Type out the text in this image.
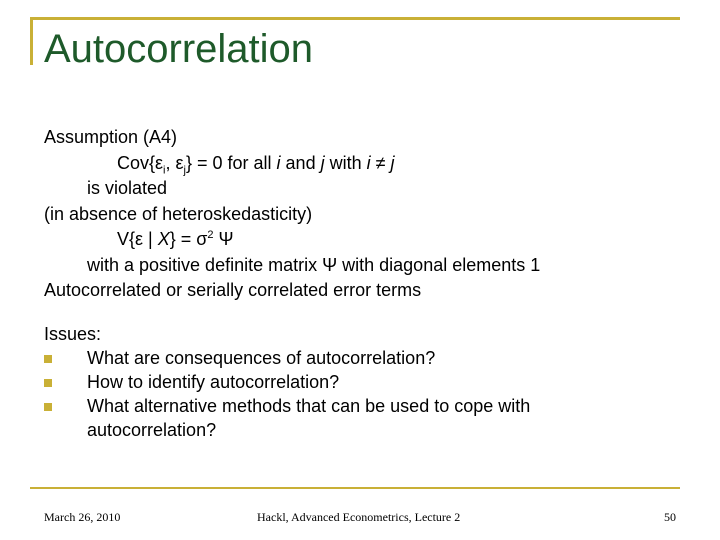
Autocorrelation
Assumption (A4)
$Cov\{\varepsilon_i$, $\varepsilon_j\} = 0$ for all i and j with i ≠ j
is violated
(in absence of heteroskedasticity)
V{ε | $X\} = \sigma^2$ Ψ
with a positive definite matrix Ψ with diagonal elements 1
Autocorrelated or serially correlated error terms
Issues:
What are consequences of autocorrelation?
How to identify autocorrelation?
What alternative methods that can be used to cope with
autocorrelation?
March 26, 2010	Hackl, Advanced Econometrics, Lecture 2	50
